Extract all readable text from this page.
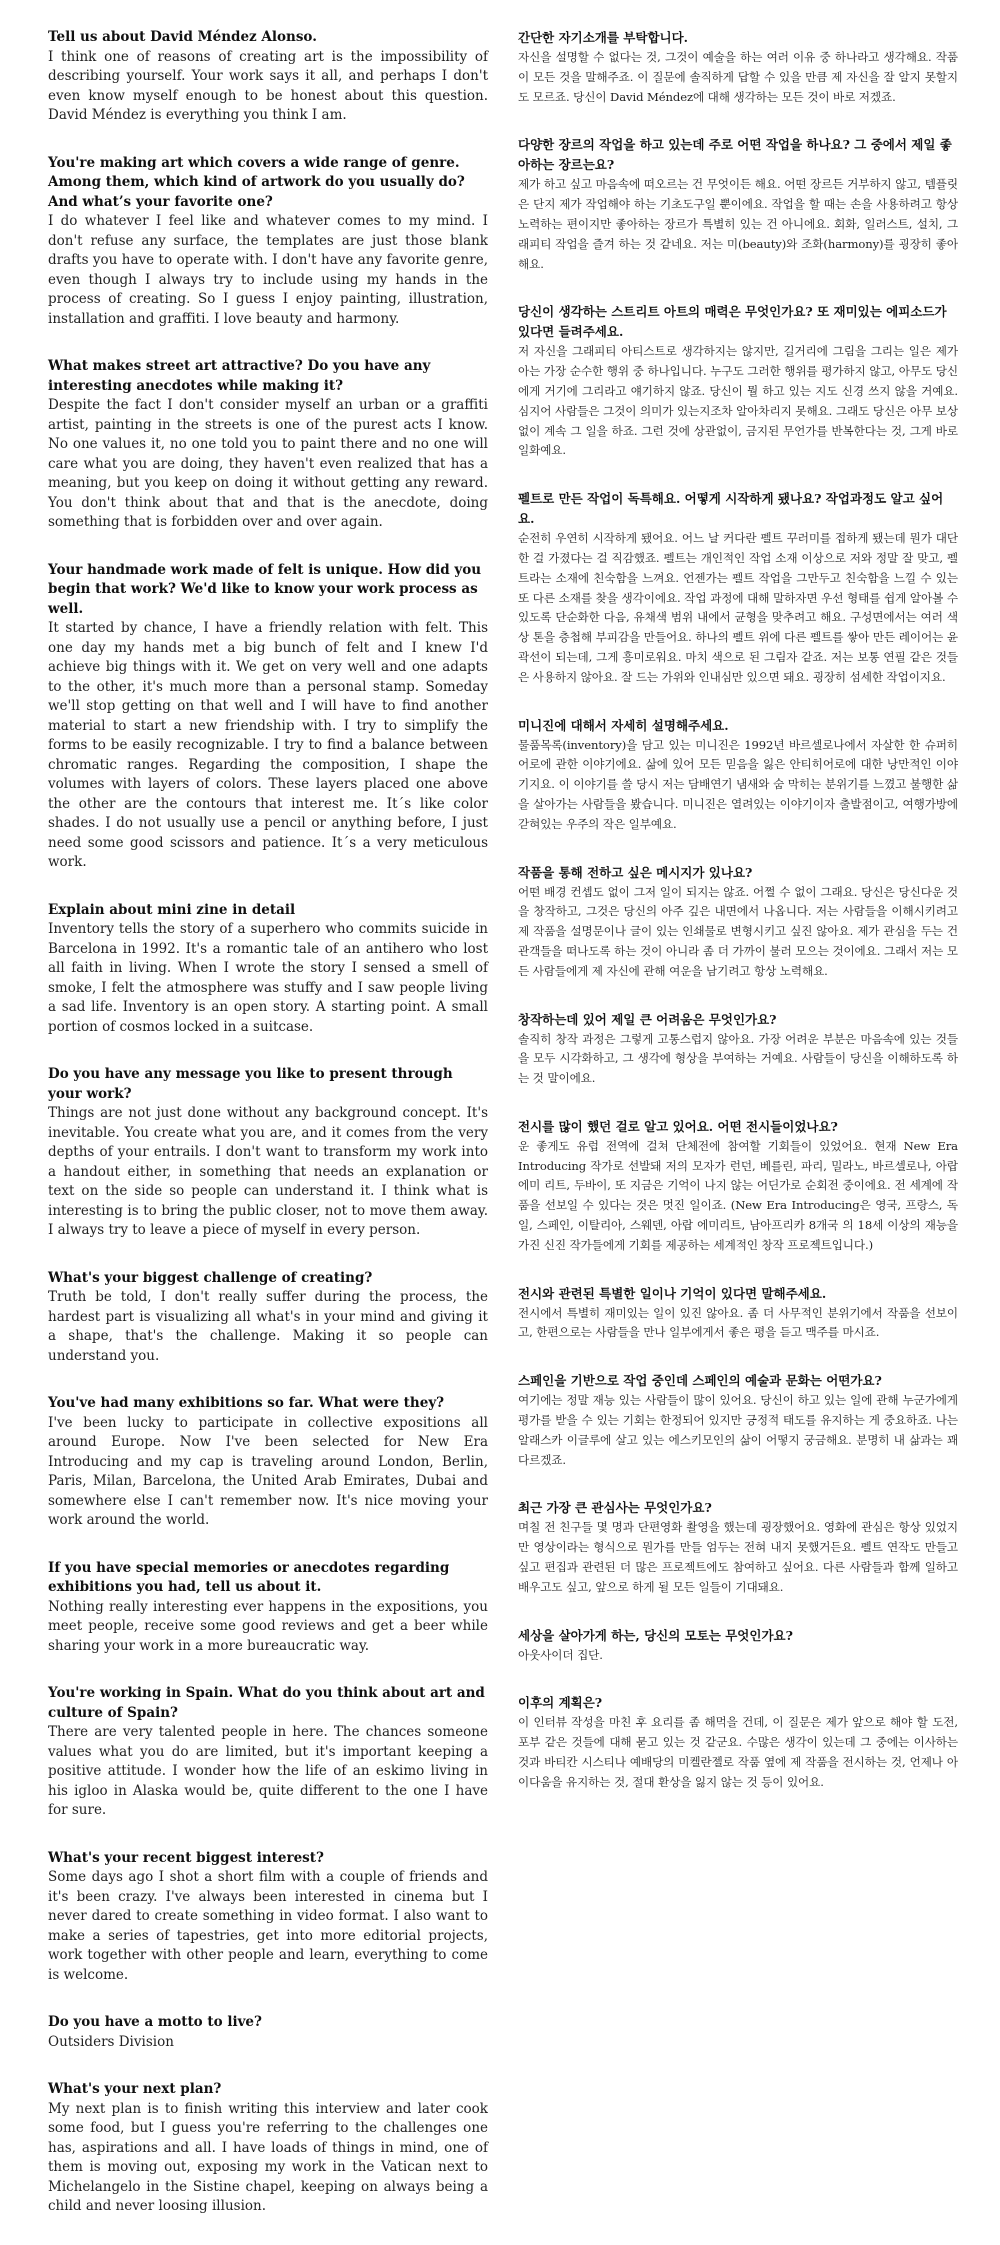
Tell us about David Méndez Alonso.

I think one of reasons of creating art is the impossibility of describing yourself. Your work says it all, and perhaps I don't even know myself enough to be honest about this question. David Méndez is everything you think I am.

You're making art which covers a wide range of genre. Among them, which kind of artwork do you usually do? And what’s your favorite one?

I do whatever I feel like and whatever comes to my mind. I don't refuse any surface, the templates are just those blank drafts you have to operate with. I don't have any favorite genre, even though I always try to include using my hands in the process of creating. So I guess I enjoy painting, illustration, installation and graffiti. I love beauty and harmony.

What makes street art attractive? Do you have any interesting anecdotes while making it?

Despite the fact I don't consider myself an urban or a graffiti artist, painting in the streets is one of the purest acts I know. No one values it, no one told you to paint there and no one will care what you are doing, they haven't even realized that has a meaning, but you keep on doing it without getting any reward. You don't think about that and that is the anecdote, doing something that is forbidden over and over again.

Your handmade work made of felt is unique. How did you begin that work? We'd like to know your work process as well.

It started by chance, I have a friendly relation with felt. This one day my hands met a big bunch of felt and I knew I'd achieve big things with it. We get on very well and one adapts to the other, it's much more than a personal stamp. Someday we'll stop getting on that well and I will have to find another material to start a new friendship with. I try to simplify the forms to be easily recognizable. I try to find a balance between chromatic ranges. Regarding the composition, I shape the volumes with layers of colors. These layers placed one above the other are the contours that interest me. It´s like color shades. I do not usually use a pencil or anything before, I just need some good scissors and patience. It´s a very meticulous work.

Explain about mini zine in detail

Inventory tells the story of a superhero who commits suicide in Barcelona in 1992. It's a romantic tale of an antihero who lost all faith in living. When I wrote the story I sensed a smell of smoke, I felt the atmosphere was stuffy and I saw people living a sad life. Inventory is an open story. A starting point. A small portion of cosmos locked in a suitcase.

Do you have any message you like to present through your work?

Things are not just done without any background concept. It's inevitable. You create what you are, and it comes from the very depths of your entrails. I don't want to transform my work into a handout either, in something that needs an explanation or text on the side so people can understand it. I think what is interesting is to bring the public closer, not to move them away. I always try to leave a piece of myself in every person.

What's your biggest challenge of creating?

Truth be told, I don't really suffer during the process, the hardest part is visualizing all what's in your mind and giving it a shape, that's the challenge. Making it so people can understand you.

You've had many exhibitions so far. What were they?

I've been lucky to participate in collective expositions all around Europe. Now I've been selected for New Era Introducing and my cap is traveling around London, Berlin, Paris, Milan, Barcelona, the United Arab Emirates, Dubai and somewhere else I can't remember now. It's nice moving your work around the world.

If you have special memories or anecdotes regarding exhibitions you had, tell us about it.

Nothing really interesting ever happens in the expositions, you meet people, receive some good reviews and get a beer while sharing your work in a more bureaucratic way.

You're working in Spain. What do you think about art and culture of Spain?

There are very talented people in here. The chances someone values what you do are limited, but it's important keeping a positive attitude. I wonder how the life of an eskimo living in his igloo in Alaska would be, quite different to the one I have for sure.

What's your recent biggest interest?

Some days ago I shot a short film with a couple of friends and it's been crazy. I've always been interested in cinema but I never dared to create something in video format. I also want to make a series of tapestries, get into more editorial projects, work together with other people and learn, everything to come is welcome.

Do you have a motto to live?

Outsiders Division

What's your next plan?

My next plan is to finish writing this interview and later cook some food, but I guess you're referring to the challenges one has, aspirations and all. I have loads of things in mind, one of them is moving out, exposing my work in the Vatican next to Michelangelo in the Sistine chapel, keeping on always being a child and never loosing illusion.

간단한 자기소개를 부탁합니다.

자신을 설명할 수 없다는 것, 그것이 예술을 하는 여러 이유 중 하나라고 생각해요. 작품이 모든 것을 말해주죠. 이 질문에 솔직하게 답할 수 있을 만큼 제 자신을 잘 알지 못할지도 모르죠. 당신이 David Méndez에 대해 생각하는 모든 것이 바로 저겠죠.

다양한 장르의 작업을 하고 있는데 주로 어떤 작업을 하나요? 그 중에서 제일 좋아하는 장르는요?

제가 하고 싶고 마음속에 떠오르는 건 무엇이든 해요. 어떤 장르든 거부하지 않고, 템플릿은 단지 제가 작업해야 하는 기초도구일 뿐이에요. 작업을 할 때는 손을 사용하려고 항상 노력하는 편이지만 좋아하는 장르가 특별히 있는 건 아니에요. 회화, 일러스트, 설치, 그래피티 작업을 즐겨 하는 것 같네요. 저는 미(beauty)와 조화(harmony)를 굉장히 좋아해요.

당신이 생각하는 스트리트 아트의 매력은 무엇인가요? 또 재미있는 에피소드가 있다면 들려주세요.

저 자신을 그래피티 아티스트로 생각하지는 않지만, 길거리에 그림을 그리는 일은 제가 아는 가장 순수한 행위 중 하나입니다. 누구도 그러한 행위를 평가하지 않고, 아무도 당신에게 거기에 그리라고 얘기하지 않죠. 당신이 뭘 하고 있는 지도 신경 쓰지 않을 거예요. 심지어 사람들은 그것이 의미가 있는지조차 알아차리지 못해요. 그래도 당신은 아무 보상 없이 계속 그 일을 하죠. 그런 것에 상관없이, 금지된 무언가를 반복한다는 것, 그게 바로 일화예요.

펠트로 만든 작업이 독특해요. 어떻게 시작하게 됐나요? 작업과정도 알고 싶어요.

순전히 우연히 시작하게 됐어요. 어느 날 커다란 펠트 꾸러미를 접하게 됐는데 뭔가 대단한 걸 가졌다는 걸 직감했죠. 펠트는 개인적인 작업 소재 이상으로 저와 정말 잘 맞고, 펠트라는 소재에 친숙함을 느껴요. 언젠가는 펠트 작업을 그만두고 친숙함을 느낄 수 있는 또 다른 소재를 찾을 생각이에요. 작업 과정에 대해 말하자면 우선 형태를 쉽게 알아볼 수 있도록 단순화한 다음, 유채색 범위 내에서 균형을 맞추려고 해요. 구성면에서는 여러 색상 톤을 층첩해 부피감을 만들어요. 하나의 펠트 위에 다른 펠트를 쌓아 만든 레이어는 윤곽선이 되는데, 그게 흥미로워요. 마치 색으로 된 그림자 같죠. 저는 보통 연필 같은 것들은 사용하지 않아요. 잘 드는 가위와 인내심만 있으면 돼요. 굉장히 섬세한 작업이지요.

미니진에 대해서 자세히 설명해주세요.

물품목록(inventory)을 담고 있는 미니진은 1992년 바르셀로나에서 자살한 한 슈퍼히어로에 관한 이야기에요. 삶에 있어 모든 믿음을 잃은 안티히어로에 대한 낭만적인 이야기지요. 이 이야기를 쓸 당시 저는 담배연기 냄새와 숨 막히는 분위기를 느꼈고 불행한 삶을 살아가는 사람들을 봤습니다. 미니진은 열려있는 이야기이자 출발점이고, 여행가방에 갇혀있는 우주의 작은 일부예요.

작품을 통해 전하고 싶은 메시지가 있나요?

어떤 배경 컨셉도 없이 그저 일이 되지는 않죠. 어쩔 수 없이 그래요. 당신은 당신다운 것을 창작하고, 그것은 당신의 아주 깊은 내면에서 나옵니다. 저는 사람들을 이해시키려고 제 작품을 설명문이나 글이 있는 인쇄물로 변형시키고 싶진 않아요. 제가 관심을 두는 건 관객들을 떠나도록 하는 것이 아니라 좀 더 가까이 불러 모으는 것이에요. 그래서 저는 모든 사람들에게 제 자신에 관해 여운을 남기려고 항상 노력해요.

창작하는데 있어 제일 큰 어려움은 무엇인가요?

솔직히 창작 과정은 그렇게 고통스럽지 않아요. 가장 어려운 부분은 마음속에 있는 것들을 모두 시각화하고, 그 생각에 형상을 부여하는 거예요. 사람들이 당신을 이해하도록 하는 것 말이에요.

전시를 많이 했던 걸로 알고 있어요. 어떤 전시들이었나요?

운 좋게도 유럽 전역에 걸쳐 단체전에 참여할 기회들이 있었어요. 현재 New Era Introducing 작가로 선발돼 저의 모자가 런던, 베를린, 파리, 밀라노, 바르셀로나, 아랍 에미 리트, 두바이, 또 지금은 기억이 나지 않는 어딘가로 순회전 중이에요. 전 세계에 작품을 선보일 수 있다는 것은 멋진 일이죠. (New Era Introducing은 영국, 프랑스, 독일, 스페인, 이탈리아, 스웨덴, 아랍 에미리트, 남아프리카 8개국 의 18세 이상의 재능을 가진 신진 작가들에게 기회를 제공하는 세계적인 창작 프로젝트입니다.)

전시와 관련된 특별한 일이나 기억이 있다면 말해주세요.

전시에서 특별히 재미있는 일이 있진 않아요. 좀 더 사무적인 분위기에서 작품을 선보이고, 한편으로는 사람들을 만나 일부에게서 좋은 평을 듣고 맥주를 마시죠.

스페인을 기반으로 작업 중인데 스페인의 예술과 문화는 어떤가요?

여기에는 정말 재능 있는 사람들이 많이 있어요. 당신이 하고 있는 일에 관해 누군가에게 평가를 받을 수 있는 기회는 한정되어 있지만 긍정적 태도를 유지하는 게 중요하죠. 나는 알래스카 이글루에 살고 있는 에스키모인의 삶이 어떻지 궁금해요. 분명히 내 삶과는 꽤 다르겠죠.

최근 가장 큰 관심사는 무엇인가요?

며칠 전 친구들 몇 명과 단편영화 촬영을 했는데 굉장했어요. 영화에 관심은 항상 있었지만 영상이라는 형식으로 뭔가를 만들 엄두는 전혀 내지 못했거든요. 펠트 연작도 만들고 싶고 편집과 관련된 더 많은 프로젝트에도 참여하고 싶어요. 다른 사람들과 함께 일하고 배우고도 싶고, 앞으로 하게 될 모든 일들이 기대돼요.

세상을 살아가게 하는, 당신의 모토는 무엇인가요?

아웃사이더 집단.

이후의 계획은?

이 인터뷰 작성을 마친 후 요리를 좀 해먹을 건데, 이 질문은 제가 앞으로 해야 할 도전, 포부 같은 것들에 대해 묻고 있는 것 같군요. 수많은 생각이 있는데 그 중에는 이사하는 것과 바티칸 시스티나 예배당의 미켈란젤로 작품 옆에 제 작품을 전시하는 것, 언제나 아이다움을 유지하는 것, 절대 환상을 잃지 않는 것 등이 있어요.
